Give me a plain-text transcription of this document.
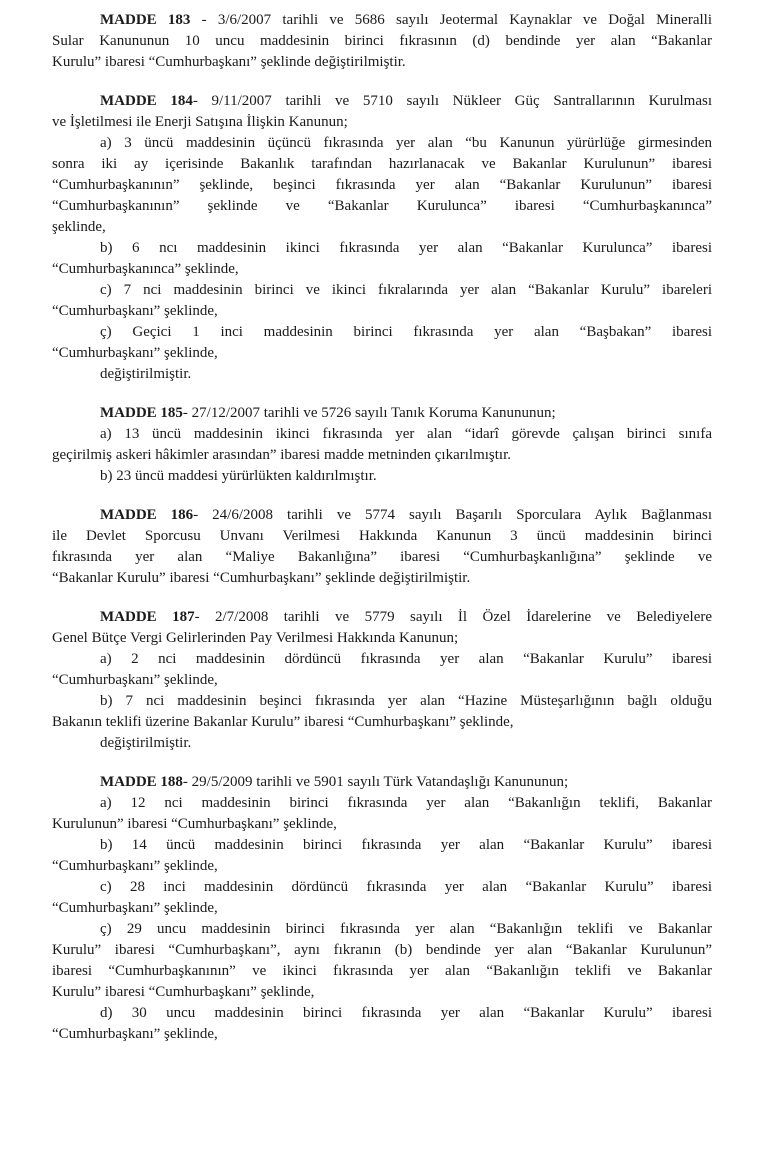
MADDE 183 - 3/6/2007 tarihli ve 5686 sayılı Jeotermal Kaynaklar ve Doğal Mineralli
Sular Kanununun 10 uncu maddesinin birinci fıkrasının (d) bendinde yer alan “Bakanlar
Kurulu” ibaresi “Cumhurbaşkanı” şeklinde değiştirilmiştir.
MADDE 184- 9/11/2007 tarihli ve 5710 sayılı Nükleer Güç Santrallarının Kurulması
ve İşletilmesi ile Enerji Satışına İlişkin Kanunun;
a) 3 üncü maddesinin üçüncü fıkrasında yer alan “bu Kanunun yürürlüğe girmesinden
sonra iki ay içerisinde Bakanlık tarafından hazırlanacak ve Bakanlar Kurulunun” ibaresi
“Cumhurbaşkanının” şeklinde, beşinci fıkrasında yer alan “Bakanlar Kurulunun” ibaresi
“Cumhurbaşkanının” şeklinde ve “Bakanlar Kurulunca” ibaresi “Cumhurbaşkanınca”
şeklinde,
b) 6 ncı maddesinin ikinci fıkrasında yer alan “Bakanlar Kurulunca” ibaresi
“Cumhurbaşkanınca” şeklinde,
c) 7 nci maddesinin birinci ve ikinci fıkralarında yer alan “Bakanlar Kurulu” ibareleri
“Cumhurbaşkanı” şeklinde,
ç) Geçici 1 inci maddesinin birinci fıkrasında yer alan “Başbakan” ibaresi
“Cumhurbaşkanı” şeklinde,
değiştirilmiştir.
MADDE 185- 27/12/2007 tarihli ve 5726 sayılı Tanık Koruma Kanununun;
a) 13 üncü maddesinin ikinci fıkrasında yer alan “idarî görevde çalışan birinci sınıfa
geçirilmiş askeri hâkimler arasından” ibaresi madde metninden çıkarılmıştır.
b) 23 üncü maddesi yürürlükten kaldırılmıştır.
MADDE 186- 24/6/2008 tarihli ve 5774 sayılı Başarılı Sporculara Aylık Bağlanması
ile Devlet Sporcusu Unvanı Verilmesi Hakkında Kanunun 3 üncü maddesinin birinci
fıkrasında yer alan “Maliye Bakanlığına” ibaresi “Cumhurbaşkanlığına” şeklinde ve
“Bakanlar Kurulu” ibaresi “Cumhurbaşkanı” şeklinde değiştirilmiştir.
MADDE 187- 2/7/2008 tarihli ve 5779 sayılı İl Özel İdarelerine ve Belediyelere
Genel Bütçe Vergi Gelirlerinden Pay Verilmesi Hakkında Kanunun;
a) 2 nci maddesinin dördüncü fıkrasında yer alan “Bakanlar Kurulu” ibaresi
“Cumhurbaşkanı” şeklinde,
b) 7 nci maddesinin beşinci fıkrasında yer alan “Hazine Müsteşarlığının bağlı olduğu
Bakanın teklifi üzerine Bakanlar Kurulu” ibaresi “Cumhurbaşkanı” şeklinde,
değiştirilmiştir.
MADDE 188- 29/5/2009 tarihli ve 5901 sayılı Türk Vatandaşlığı Kanununun;
a) 12 nci maddesinin birinci fıkrasında yer alan “Bakanlığın teklifi, Bakanlar
Kurulunun” ibaresi “Cumhurbaşkanı” şeklinde,
b) 14 üncü maddesinin birinci fıkrasında yer alan “Bakanlar Kurulu” ibaresi
“Cumhurbaşkanı” şeklinde,
c) 28 inci maddesinin dördüncü fıkrasında yer alan “Bakanlar Kurulu” ibaresi
“Cumhurbaşkanı” şeklinde,
ç) 29 uncu maddesinin birinci fıkrasında yer alan “Bakanlığın teklifi ve Bakanlar
Kurulu” ibaresi “Cumhurbaşkanı”, aynı fıkranın (b) bendinde yer alan “Bakanlar Kurulunun”
ibaresi “Cumhurbaşkanının” ve ikinci fıkrasında yer alan “Bakanlığın teklifi ve Bakanlar
Kurulu” ibaresi “Cumhurbaşkanı” şeklinde,
d) 30 uncu maddesinin birinci fıkrasında yer alan “Bakanlar Kurulu” ibaresi
“Cumhurbaşkanı” şeklinde,
